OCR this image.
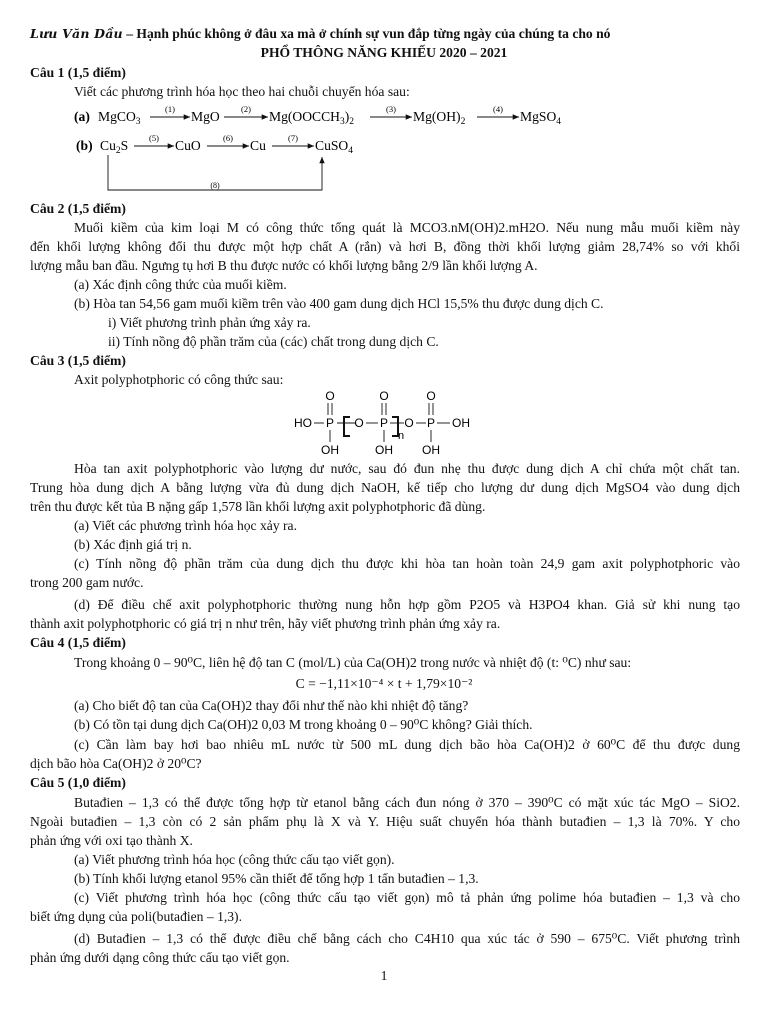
Lưu Văn Dầu – Hạnh phúc không ở đâu xa mà ở chính sự vun đắp từng ngày của chúng ta cho nó
PHỔ THÔNG NĂNG KHIẾU 2020 – 2021
Câu 1 (1,5 điểm)
Viết các phương trình hóa học theo hai chuỗi chuyển hóa sau:
(a) MgCO$_3$
(1) MgO	(2) $Mg(OOCCH_3)_2$
(3) $Mg(OH)_2$
(4) MgSO$_4$
(b) $Cu_2S$ (5) CuO	(6) Cu	(7) CuSO$_4$
(8)
Câu 2 (1,5 điểm)
Muối kiềm của kim loại M có công thức tổng quát là MCO3.nM(OH)2.mH2O. Nếu nung mẫu muối kiềm này
đến khối lượng không đổi thu được một hợp chất A (rắn) và hơi B, đồng thời khối lượng giảm 28,74% so với khối
lượng mẫu ban đầu. Ngưng tụ hơi B thu được nước có khối lượng bằng 2/9 lần khối lượng A.
(a) Xác định công thức của muối kiềm.
(b) Hòa tan 54,56 gam muối kiềm trên vào 400 gam dung dịch HCl 15,5% thu được dung dịch C.
i) Viết phương trình phản ứng xảy ra.
ii) Tính nồng độ phần trăm của (các) chất trong dung dịch C.
Câu 3 (1,5 điểm)
Axit polyphotphoric có công thức sau:
O	O	O
HO P O P
n
O P OH
OH	OH OH
Hòa tan axit polyphotphoric vào lượng dư nước, sau đó đun nhẹ thu được dung dịch A chỉ chứa một chất tan.
Trung hòa dung dịch A bằng lượng vừa đủ dung dịch NaOH, kế tiếp cho lượng dư dung dịch MgSO4 vào dung dịch
trên thu được kết tủa B nặng gấp 1,578 lần khối lượng axit polyphotphoric đã dùng.
(a) Viết các phương trình hóa học xảy ra.
(b) Xác định giá trị n.
(c) Tính nồng độ phần trăm của dung dịch thu được khi hòa tan hoàn toàn 24,9 gam axit polyphotphoric vào
trong 200 gam nước.
(d) Để điều chế axit polyphotphoric thường nung hỗn hợp gồm P2O5 và H3PO4 khan. Giả sử khi nung tạo
thành axit polyphotphoric có giá trị n như trên, hãy viết phương trình phản ứng xảy ra.
Câu 4 (1,5 điểm)
Trong khoảng 0 – 90⁰C, liên hệ độ tan C (mol/L) của Ca(OH)2 trong nước và nhiệt độ (t: ⁰C) như sau:
C = −1,11×10⁻⁴ × t + 1,79×10⁻²
(a) Cho biết độ tan của Ca(OH)2 thay đổi như thế nào khi nhiệt độ tăng?
(b) Có tồn tại dung dịch Ca(OH)2 0,03 M trong khoảng 0 – 90⁰C không? Giải thích.
(c) Cần làm bay hơi bao nhiêu mL nước từ 500 mL dung dịch bão hòa Ca(OH)2 ở 60⁰C để thu được dung
dịch bão hòa Ca(OH)2 ở 20⁰C?
Câu 5 (1,0 điểm)
Butađien – 1,3 có thể được tổng hợp từ etanol bằng cách đun nóng ở 370 – 390⁰C có mặt xúc tác MgO – SiO2.
Ngoài butađien – 1,3 còn có 2 sản phẩm phụ là X và Y. Hiệu suất chuyển hóa thành butađien – 1,3 là 70%. Y cho
phản ứng với oxi tạo thành X.
(a) Viết phương trình hóa học (công thức cấu tạo viết gọn).
(b) Tính khối lượng etanol 95% cần thiết để tổng hợp 1 tấn butađien – 1,3.
(c) Viết phương trình hóa học (công thức cấu tạo viết gọn) mô tả phản ứng polime hóa butađien – 1,3 và cho
biết ứng dụng của poli(butađien – 1,3).
(d) Butađien – 1,3 có thể được điều chế bằng cách cho C4H10 qua xúc tác ở 590 – 675⁰C. Viết phương trình
phản ứng dưới dạng công thức cấu tạo viết gọn.
1
